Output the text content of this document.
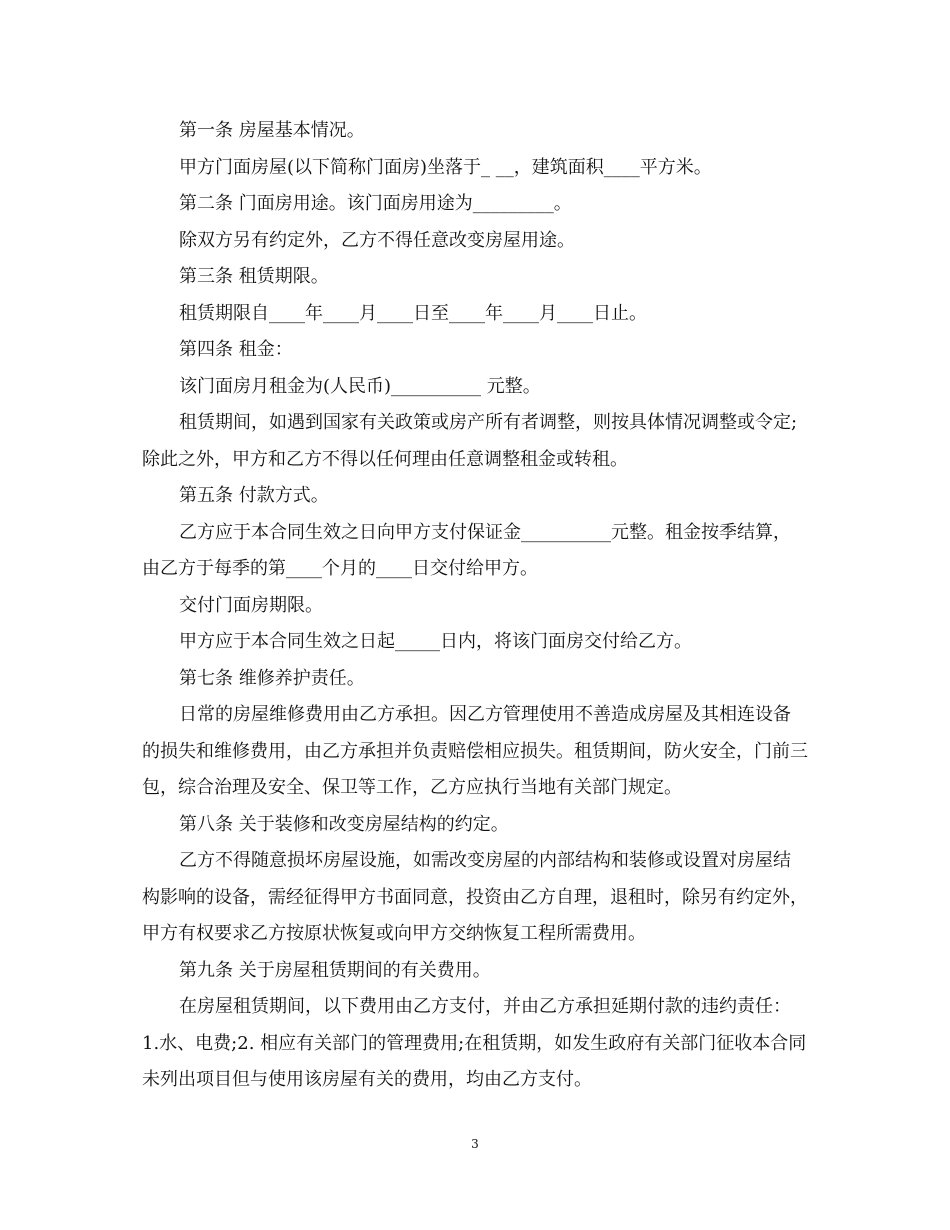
第一条 房屋基本情况。

甲方门面房屋(以下简称门面房)坐落于_ __，建筑面积____平方米。

第二条 门面房用途。该门面房用途为_________。

除双方另有约定外，乙方不得任意改变房屋用途。

第三条 租赁期限。

租赁期限自____年____月____日至____年____月____日止。

第四条 租金：

该门面房月租金为(人民币)__________ 元整。

租赁期间，如遇到国家有关政策或房产所有者调整，则按具体情况调整或令定;除此之外，甲方和乙方不得以任何理由任意调整租金或转租。

第五条 付款方式。

乙方应于本合同生效之日向甲方支付保证金__________元整。租金按季结算，由乙方于每季的第____个月的____日交付给甲方。

交付门面房期限。

甲方应于本合同生效之日起_____日内，将该门面房交付给乙方。

第七条 维修养护责任。

日常的房屋维修费用由乙方承担。因乙方管理使用不善造成房屋及其相连设备的损失和维修费用，由乙方承担并负责赔偿相应损失。租赁期间，防火安全，门前三包，综合治理及安全、保卫等工作，乙方应执行当地有关部门规定。

第八条 关于装修和改变房屋结构的约定。

乙方不得随意损坏房屋设施，如需改变房屋的内部结构和装修或设置对房屋结构影响的设备，需经征得甲方书面同意，投资由乙方自理，退租时，除另有约定外，甲方有权要求乙方按原状恢复或向甲方交纳恢复工程所需费用。

第九条 关于房屋租赁期间的有关费用。

在房屋租赁期间，以下费用由乙方支付，并由乙方承担延期付款的违约责任：1.水、电费;2. 相应有关部门的管理费用;在租赁期，如发生政府有关部门征收本合同未列出项目但与使用该房屋有关的费用，均由乙方支付。

3
